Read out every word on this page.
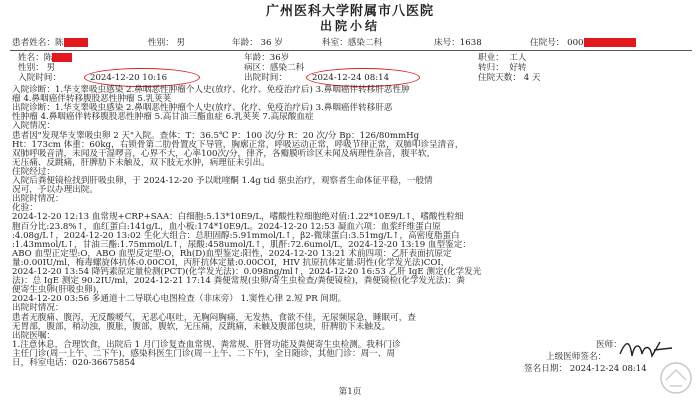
广州医科大学附属市八医院
出院小结
患者姓名：陈	性别： 男	年龄： 36 岁	科室：感染二科	床号：1638	住院号： 000
姓名：陈	年龄：36岁	职业： 工人
性别： 男	病区：感染二科	转归： 好转
入院时间：	2024-12-20 10:16	出院时间：	2024-12-24 08:14	住院天数： 4 天
入院诊断：1.华支睾吸虫感染 2.鼻咽恶性肿瘤个人史(放疗、化疗、免疫治疗后) 3.鼻咽癌伴转移肝恶性肿
瘤 4.鼻咽癌伴转移腹股恶性肿瘤 5.乳荚荚
出院诊断：1.华支睾吸虫感染 2.鼻咽恶性肿瘤个人史(放疗、化疗、免疫治疗后) 3.鼻咽癌伴转移肝恶
性肿瘤 4.鼻咽癌伴转移腹股恶性肿瘤 5.高甘油三酯血症 6.乳荚荚 7.高尿酸血症
入院情况：
患者因"发现华支睾吸虫卵 2 天"入院。查体：T：36.5℃ P：100 次/分 R：20 次/分 Bp：126/80mmHg
Ht：173cm 体重：60kg，右锁骨第二肋骨置皮下导管，胸廓正常，呼吸运动正常，呼吸节律正常，双肺叩诊呈清音，
双肺呼吸音清，未闻及干湿啰音，心界不大，心率100次/分，律齐，各瓣膜听诊区未闻及病理性杂音，腹平软，
无压痛、反跳痛，肝脾肋下未触及，双下肢无水肿，病理征未引出。
住院经过：
入院后粪便镜检找到肝吸虫卵，于 2024-12-20 予以吡喹酮 1.4g tid 驱虫治疗，观察者生命体征平稳，一般情
况可，予以办理出院。
出院时情况：
化验：
2024-12-20 12:13 血常规+CRP+SAA：白细胞:5.13*10E9/L，嗜酸性粒细胞绝对值:1.22*10E9/L↑，嗜酸性粒细
胞百分比:23.8%↑，血红蛋白:141g/L，血小板:174*10E9/L。2024-12-20 12:53 凝血六项：血浆纤维蛋白原
:4.08g/L↑，2024-12-20 13:02 生化大组合：总胆固醇:5.91mmol/L↑，β2-微球蛋白:3.51mg/L↑，高密度脂蛋白
:1.43mmol/L↑，甘油三酯:1.75mmol/L↑，尿酸:458umol/L↑，肌酐:72.6umol/L，2024-12-20 13:19 血型鉴定：
ABO 血型正定型:O，ABO 血型反定型:O，Rh(D)血型鉴定:阳性，2024-12-20 13:21 术前四项：乙肝表面抗原定
量:0.00IU/ml，梅毒螺旋体抗体:0.00COI，丙肝抗体定量:0.00COI，HIV 抗原抗体定量:阴性(化学发光法)COI，
2024-12-20 13:54 降钙素原定量检测(PCT)(化学发光法)：0.098ng/ml↑，2024-12-20 16:53 乙肝 IgE 测定(化学发光
法)：总 IgE 测定 90.2IU/ml，2024-12-21 17:14 粪便常规(虫卵/寄生虫检查/粪便镜检)，粪便镜检(化学发光法)：粪
便寄生虫卵(肝吸虫卵)，
2024-12-20 03:56 多通道十二导联心电图检查（非床旁） 1.窦性心律 2.短 PR 间期。
出院时情况：
患者无腹痛、腹泻，无反酸嗳气，无恶心呕吐，无胸闷胸痛，无发热，食欲不佳，无尿频尿急，睡眠可，查
无胃部，腹部，稍动浊，腹胀，腹部，腹软，无压痛，反跳痛，未触及腹部包块，肝脾肋下未触及。
出院医嘱：
1.注意休息，合理饮食，出院后 1 月门诊复查血常规、粪常规、肝肾功能及粪便寄生虫检测。我科门诊
主任门诊(周一上午、二下午)，感染科医生门诊(周一上午、二下午)，全日随诊，其他门诊：周一、周
日，科室电话：020-36675854
医师：
上级医师签名：
签名日期： 2024-12-24 08:14
第1页
